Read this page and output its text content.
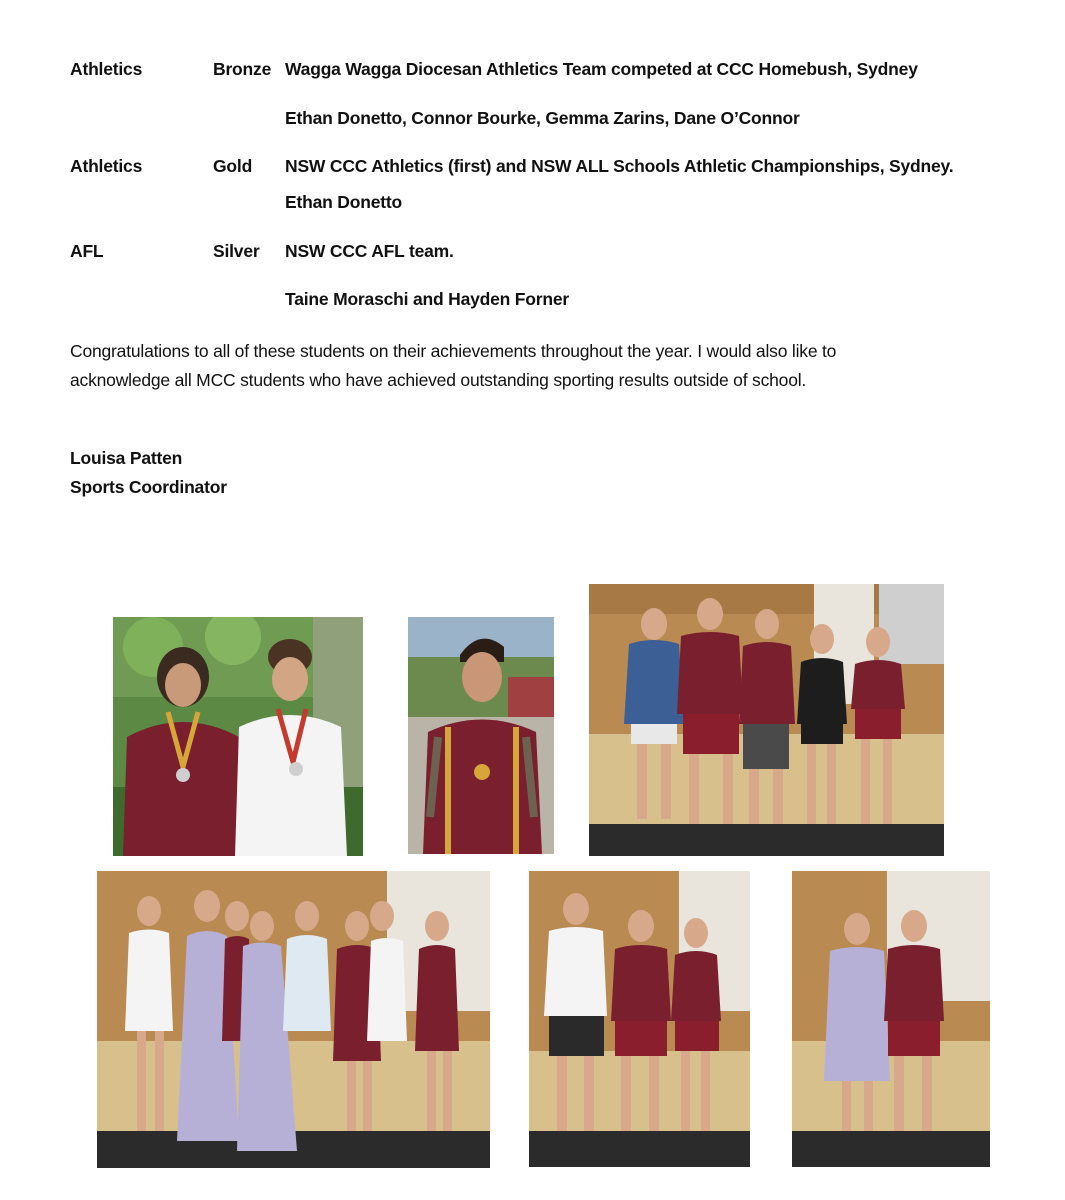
Athletics	Bronze Wagga Wagga Diocesan Athletics Team competed at CCC Homebush, Sydney
Ethan Donetto, Connor Bourke, Gemma Zarins, Dane O’Connor
Athletics	Gold NSW CCC Athletics (first) and NSW ALL Schools Athletic Championships, Sydney.
Ethan Donetto
AFL	Silver NSW CCC AFL team.
Taine Moraschi and Hayden Forner
Congratulations to all of these students on their achievements throughout the year. I would also like to
acknowledge all MCC students who have achieved outstanding sporting results outside of school.
Louisa Patten
Sports Coordinator
